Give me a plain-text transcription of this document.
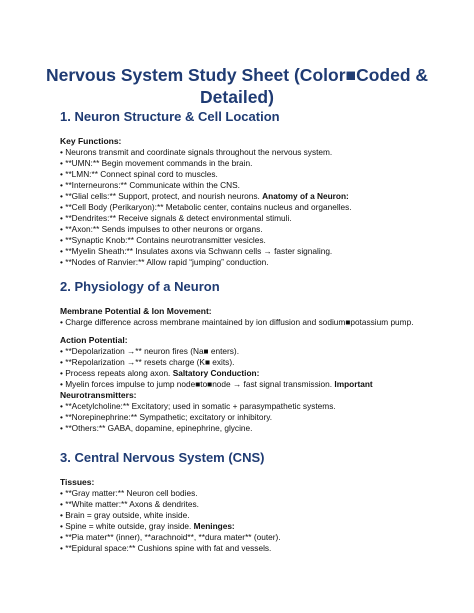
Nervous System Study Sheet (Color■Coded & Detailed)
1. Neuron Structure & Cell Location
Key Functions:
• Neurons transmit and coordinate signals throughout the nervous system.
• **UMN:** Begin movement commands in the brain.
• **LMN:** Connect spinal cord to muscles.
• **Interneurons:** Communicate within the CNS.
• **Glial cells:** Support, protect, and nourish neurons. Anatomy of a Neuron:
• **Cell Body (Perikaryon):** Metabolic center, contains nucleus and organelles.
• **Dendrites:** Receive signals & detect environmental stimuli.
• **Axon:** Sends impulses to other neurons or organs.
• **Synaptic Knob:** Contains neurotransmitter vesicles.
• **Myelin Sheath:** Insulates axons via Schwann cells → faster signaling.
• **Nodes of Ranvier:** Allow rapid “jumping” conduction.
2. Physiology of a Neuron
Membrane Potential & Ion Movement:
• Charge difference across membrane maintained by ion diffusion and sodium■potassium pump.
Action Potential:
• **Depolarization →** neuron fires (Na■ enters).
• **Repolarization →** resets charge (K■ exits).
• Process repeats along axon. Saltatory Conduction:
• Myelin forces impulse to jump node■to■node → fast signal transmission. Important
Neurotransmitters:
• **Acetylcholine:** Excitatory; used in somatic + parasympathetic systems.
• **Norepinephrine:** Sympathetic; excitatory or inhibitory.
• **Others:** GABA, dopamine, epinephrine, glycine.
3. Central Nervous System (CNS)
Tissues:
• **Gray matter:** Neuron cell bodies.
• **White matter:** Axons & dendrites.
• Brain = gray outside, white inside.
• Spine = white outside, gray inside. Meninges:
• **Pia mater** (inner), **arachnoid**, **dura mater** (outer).
• **Epidural space:** Cushions spine with fat and vessels.
